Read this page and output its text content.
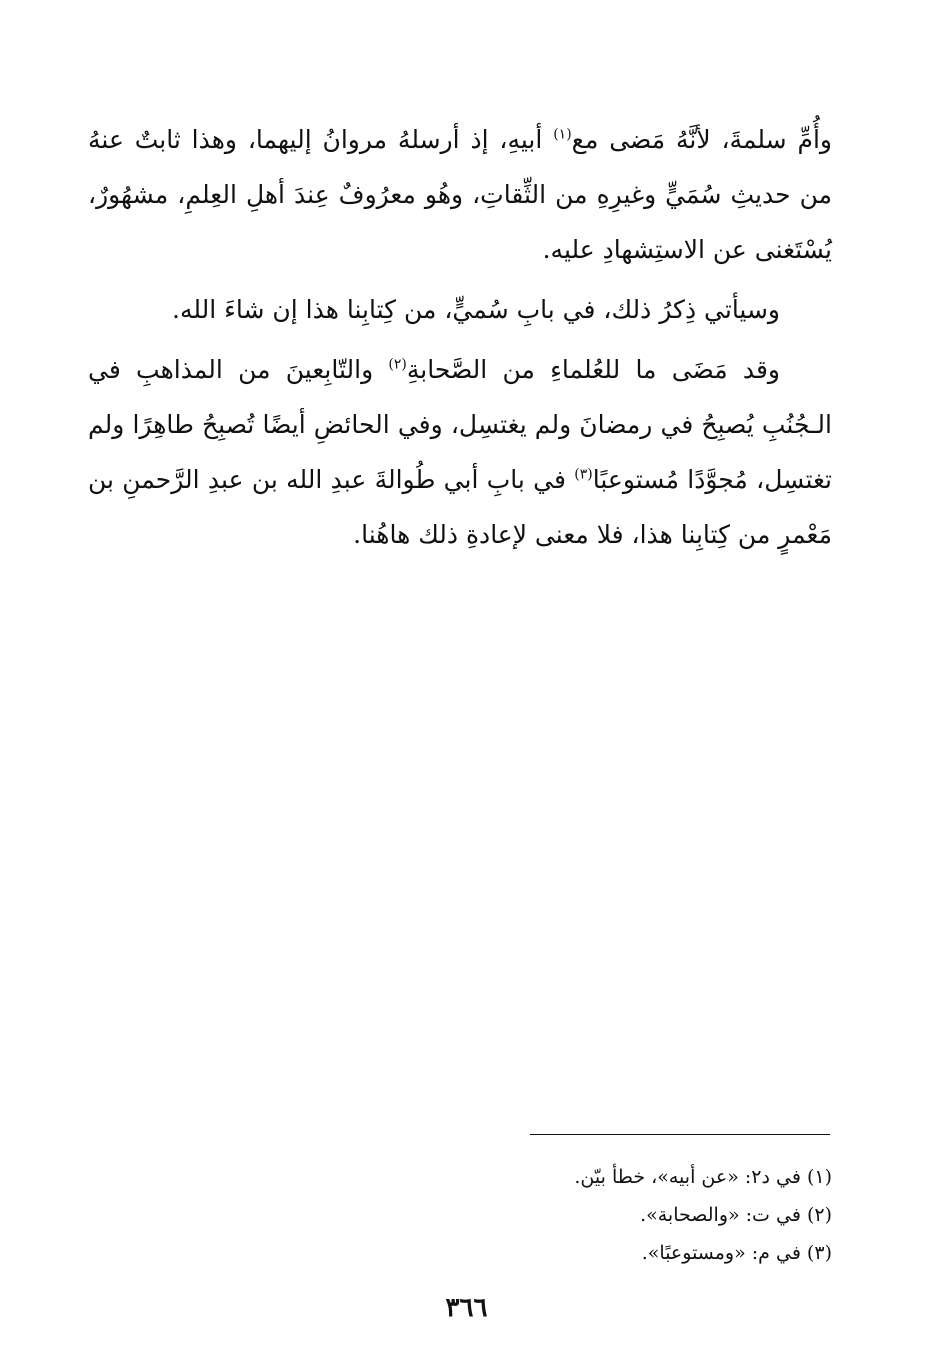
وأُمِّ سلمةَ، لأنَّهُ مَضى مع$^{(١)}$ أبيهِ، إذ أرسلهُ مروانُ إليهما، وهذا ثابتٌ عنهُ من حديثِ سُمَيٍّ وغيرِهِ من الثِّقاتِ، وهُو معرُوفٌ عِندَ أهلِ العِلمِ، مشهُورٌ، يُسْتَغنى عن الاستِشهادِ عليه.

وسيأتي ذِكرُ ذلك، في بابِ سُميٍّ، من كِتابِنا هذا إن شاءَ الله.

وقد مَضَى ما للعُلماءِ من الصَّحابةِ$^{(٢)}$ والتّابِعينَ من المذاهبِ في الـجُنُبِ يُصبِحُ في رمضانَ ولم يغتسِل، وفي الحائضِ أيضًا تُصبِحُ طاهِرًا ولم تغتسِل، مُجوَّدًا مُستوعبًا$^{(٣)}$ في بابِ أبي طُوالةَ عبدِ الله بن عبدِ الرَّحمنِ بن مَعْمرٍ من كِتابِنا هذا، فلا معنى لإعادةِ ذلك هاهُنا.

(١) في د٢: «عن أبيه»، خطأ بيّن.

(٢) في ت: «والصحابة».

(٣) في م: «ومستوعبًا».

٣٦٦
